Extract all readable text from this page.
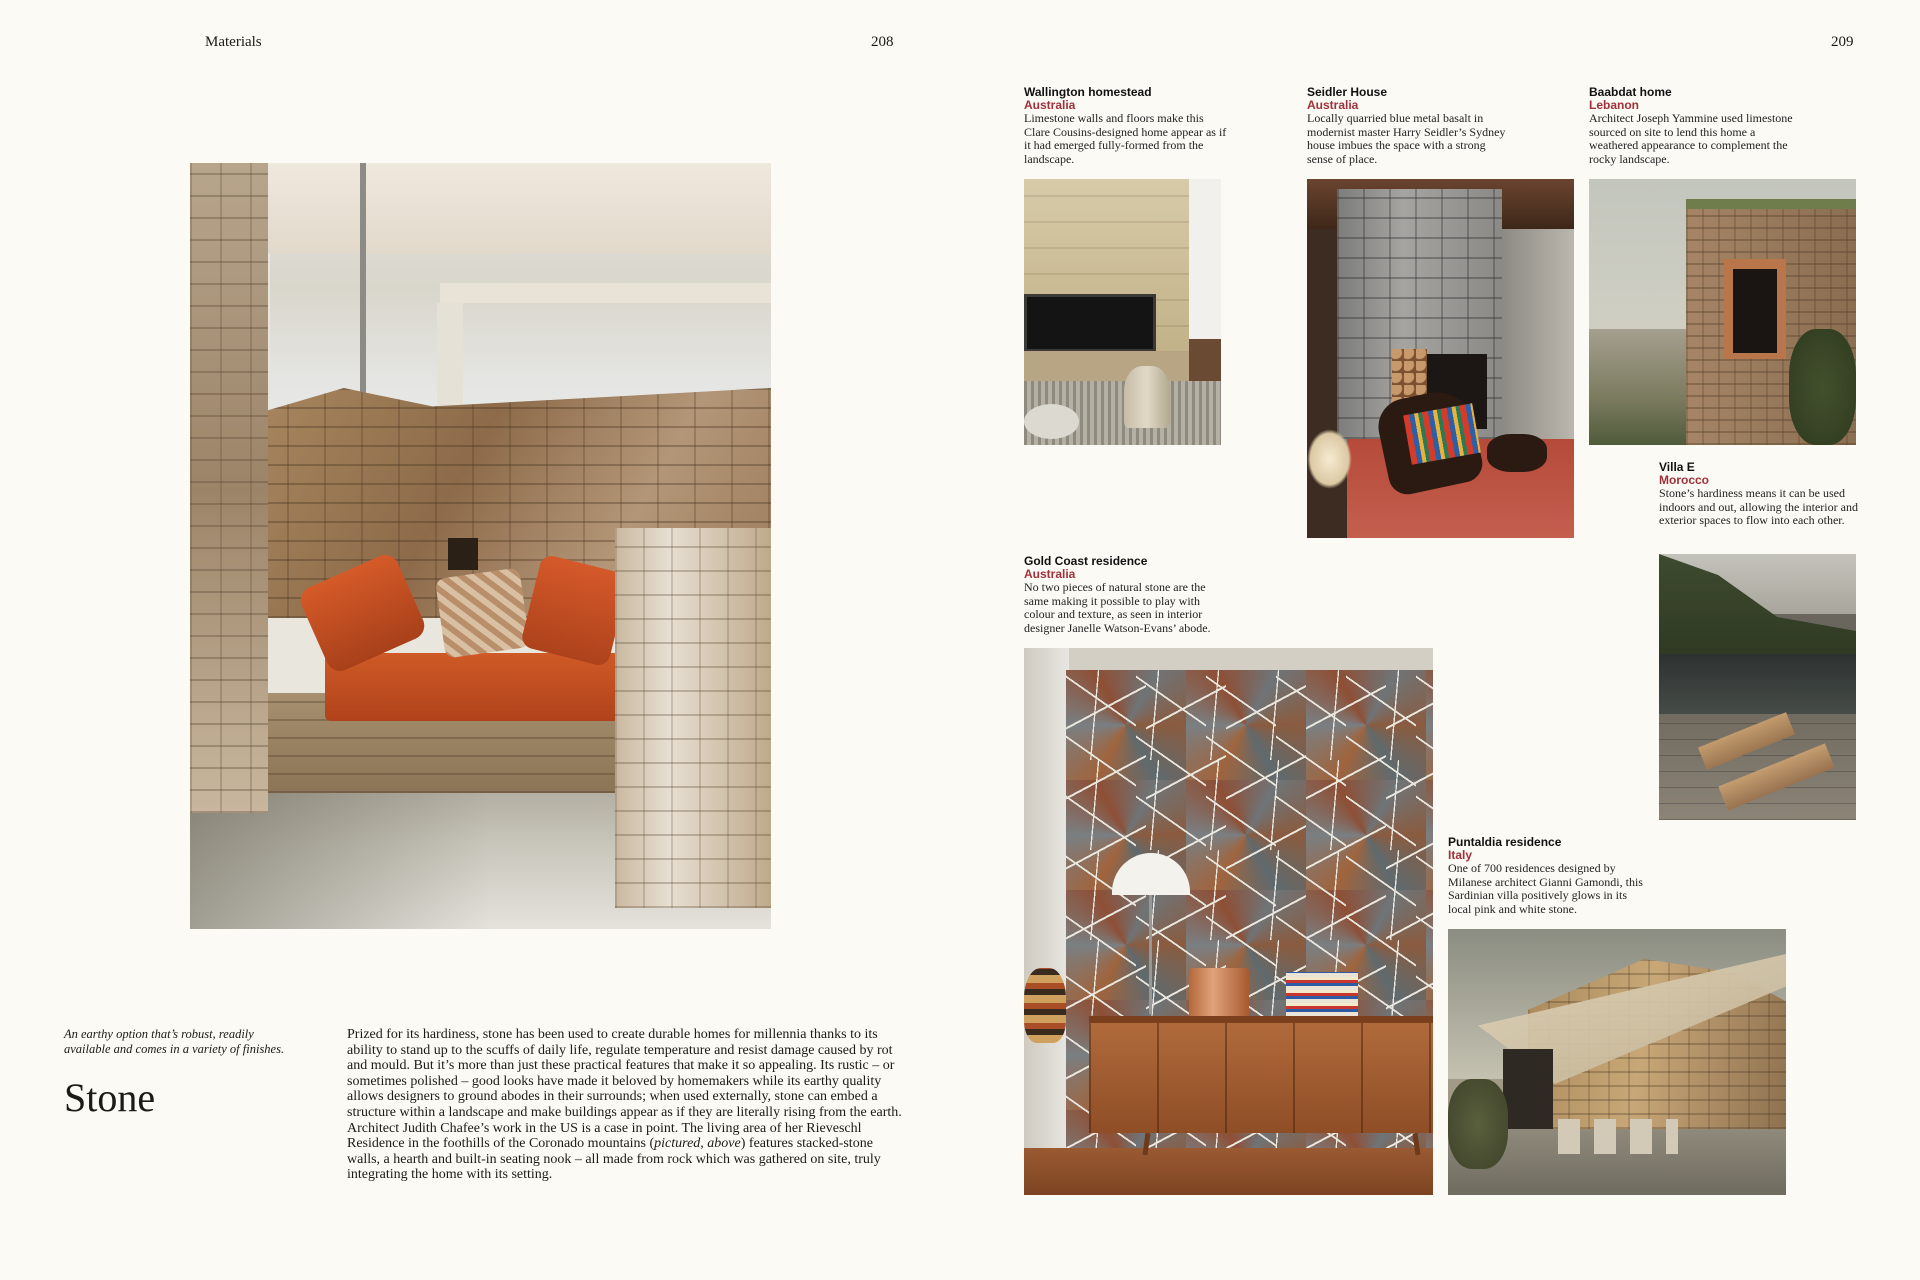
Materials	208
An earthy option that’s robust, readily
available and comes in a variety of finishes.
Stone
Prized for its hardiness, stone has been used to create durable homes for millennia thanks to its ability to stand up to the scuffs of daily life, regulate temperature and resist damage caused by rot and mould. But it’s more than just these practical features that make it so appealing. Its rustic – or sometimes polished – good looks have made it beloved by homemakers while its earthy quality allows designers to ground abodes in their surrounds; when used externally, stone can embed a structure within a landscape and make buildings appear as if they are literally rising from the earth. Architect Judith Chafee’s work in the US is a case in point. The living area of her Rieveschl Residence in the foothills of the Coronado mountains (pictured, above) features stacked-stone walls, a hearth and built-in seating nook – all made from rock which was gathered on site, truly integrating the home with its setting.
209
Wallington homestead
Australia
Limestone walls and floors make this Clare Cousins-designed home appear as if it had emerged fully-formed from the landscape.
Seidler House
Australia
Locally quarried blue metal basalt in modernist master Harry Seidler’s Sydney house imbues the space with a strong sense of place.
Baabdat home
Lebanon
Architect Joseph Yammine used limestone sourced on site to lend this home a weathered appearance to complement the rocky landscape.
Villa E
Morocco
Stone’s hardiness means it can be used indoors and out, allowing the interior and exterior spaces to flow into each other.
Gold Coast residence
Australia
No two pieces of natural stone are the same making it possible to play with colour and texture, as seen in interior designer Janelle Watson-Evans’ abode.
Puntaldia residence
Italy
One of 700 residences designed by Milanese architect Gianni Gamondi, this Sardinian villa positively glows in its local pink and white stone.
